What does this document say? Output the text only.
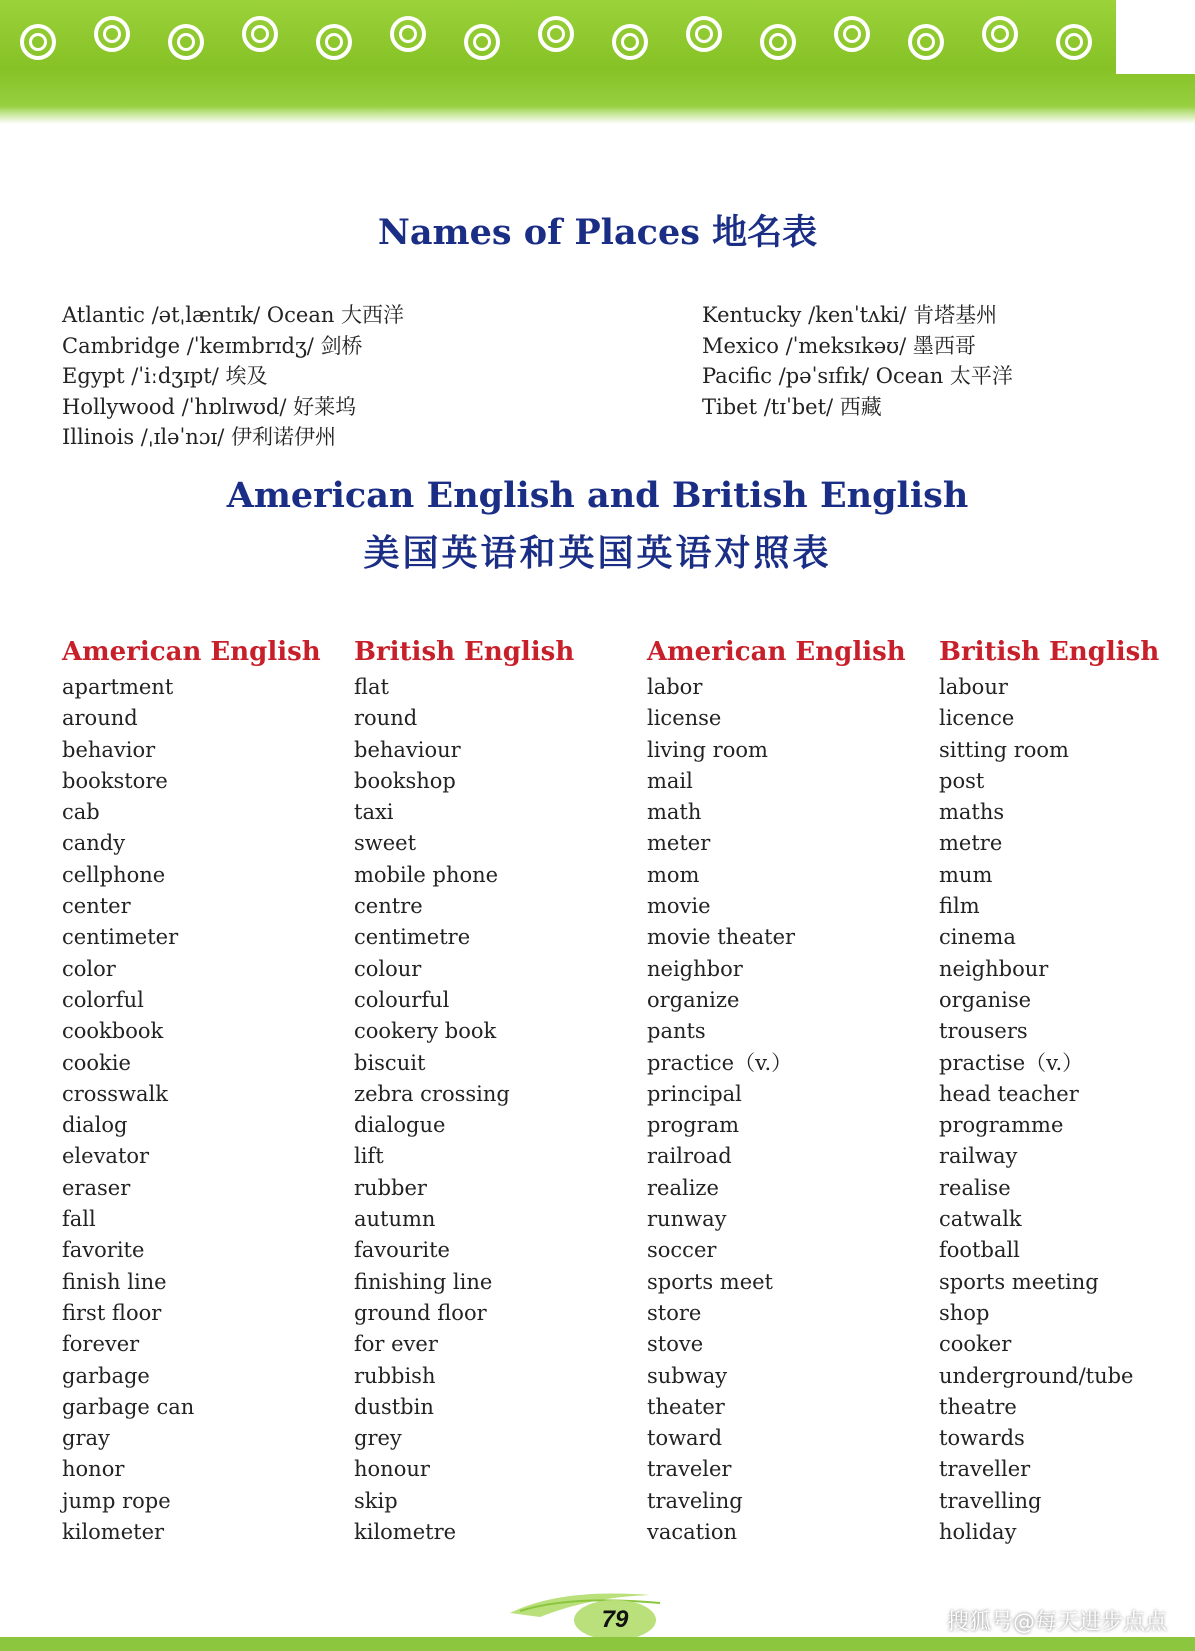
Names of Places 地名表
Atlantic /ətˌlæntɪk/ Ocean 大西洋
Cambridge /ˈkeɪmbrɪdʒ/ 剑桥
Egypt /ˈiːdʒɪpt/ 埃及
Hollywood /ˈhɒlɪwʊd/ 好莱坞
Illinois /ˌɪləˈnɔɪ/ 伊利诺伊州
Kentucky /kenˈtʌki/ 肯塔基州
Mexico /ˈmeksɪkəʊ/ 墨西哥
Pacific /pəˈsɪfɪk/ Ocean 太平洋
Tibet /tɪˈbet/ 西藏
American English and British English
美国英语和英国英语对照表
American English
apartment
around
behavior
bookstore
cab
candy
cellphone
center
centimeter
color
colorful
cookbook
cookie
crosswalk
dialog
elevator
eraser
fall
favorite
finish line
first floor
forever
garbage
garbage can
gray
honor
jump rope
kilometer
British English
flat
round
behaviour
bookshop
taxi
sweet
mobile phone
centre
centimetre
colour
colourful
cookery book
biscuit
zebra crossing
dialogue
lift
rubber
autumn
favourite
finishing line
ground floor
for ever
rubbish
dustbin
grey
honour
skip
kilometre
American English
labor
license
living room
mail
math
meter
mom
movie
movie theater
neighbor
organize
pants
practice（v.）
principal
program
railroad
realize
runway
soccer
sports meet
store
stove
subway
theater
toward
traveler
traveling
vacation
British English
labour
licence
sitting room
post
maths
metre
mum
film
cinema
neighbour
organise
trousers
practise（v.）
head teacher
programme
railway
realise
catwalk
football
sports meeting
shop
cooker
underground/tube
theatre
towards
traveller
travelling
holiday
79	搜狐号@每天进步点点
